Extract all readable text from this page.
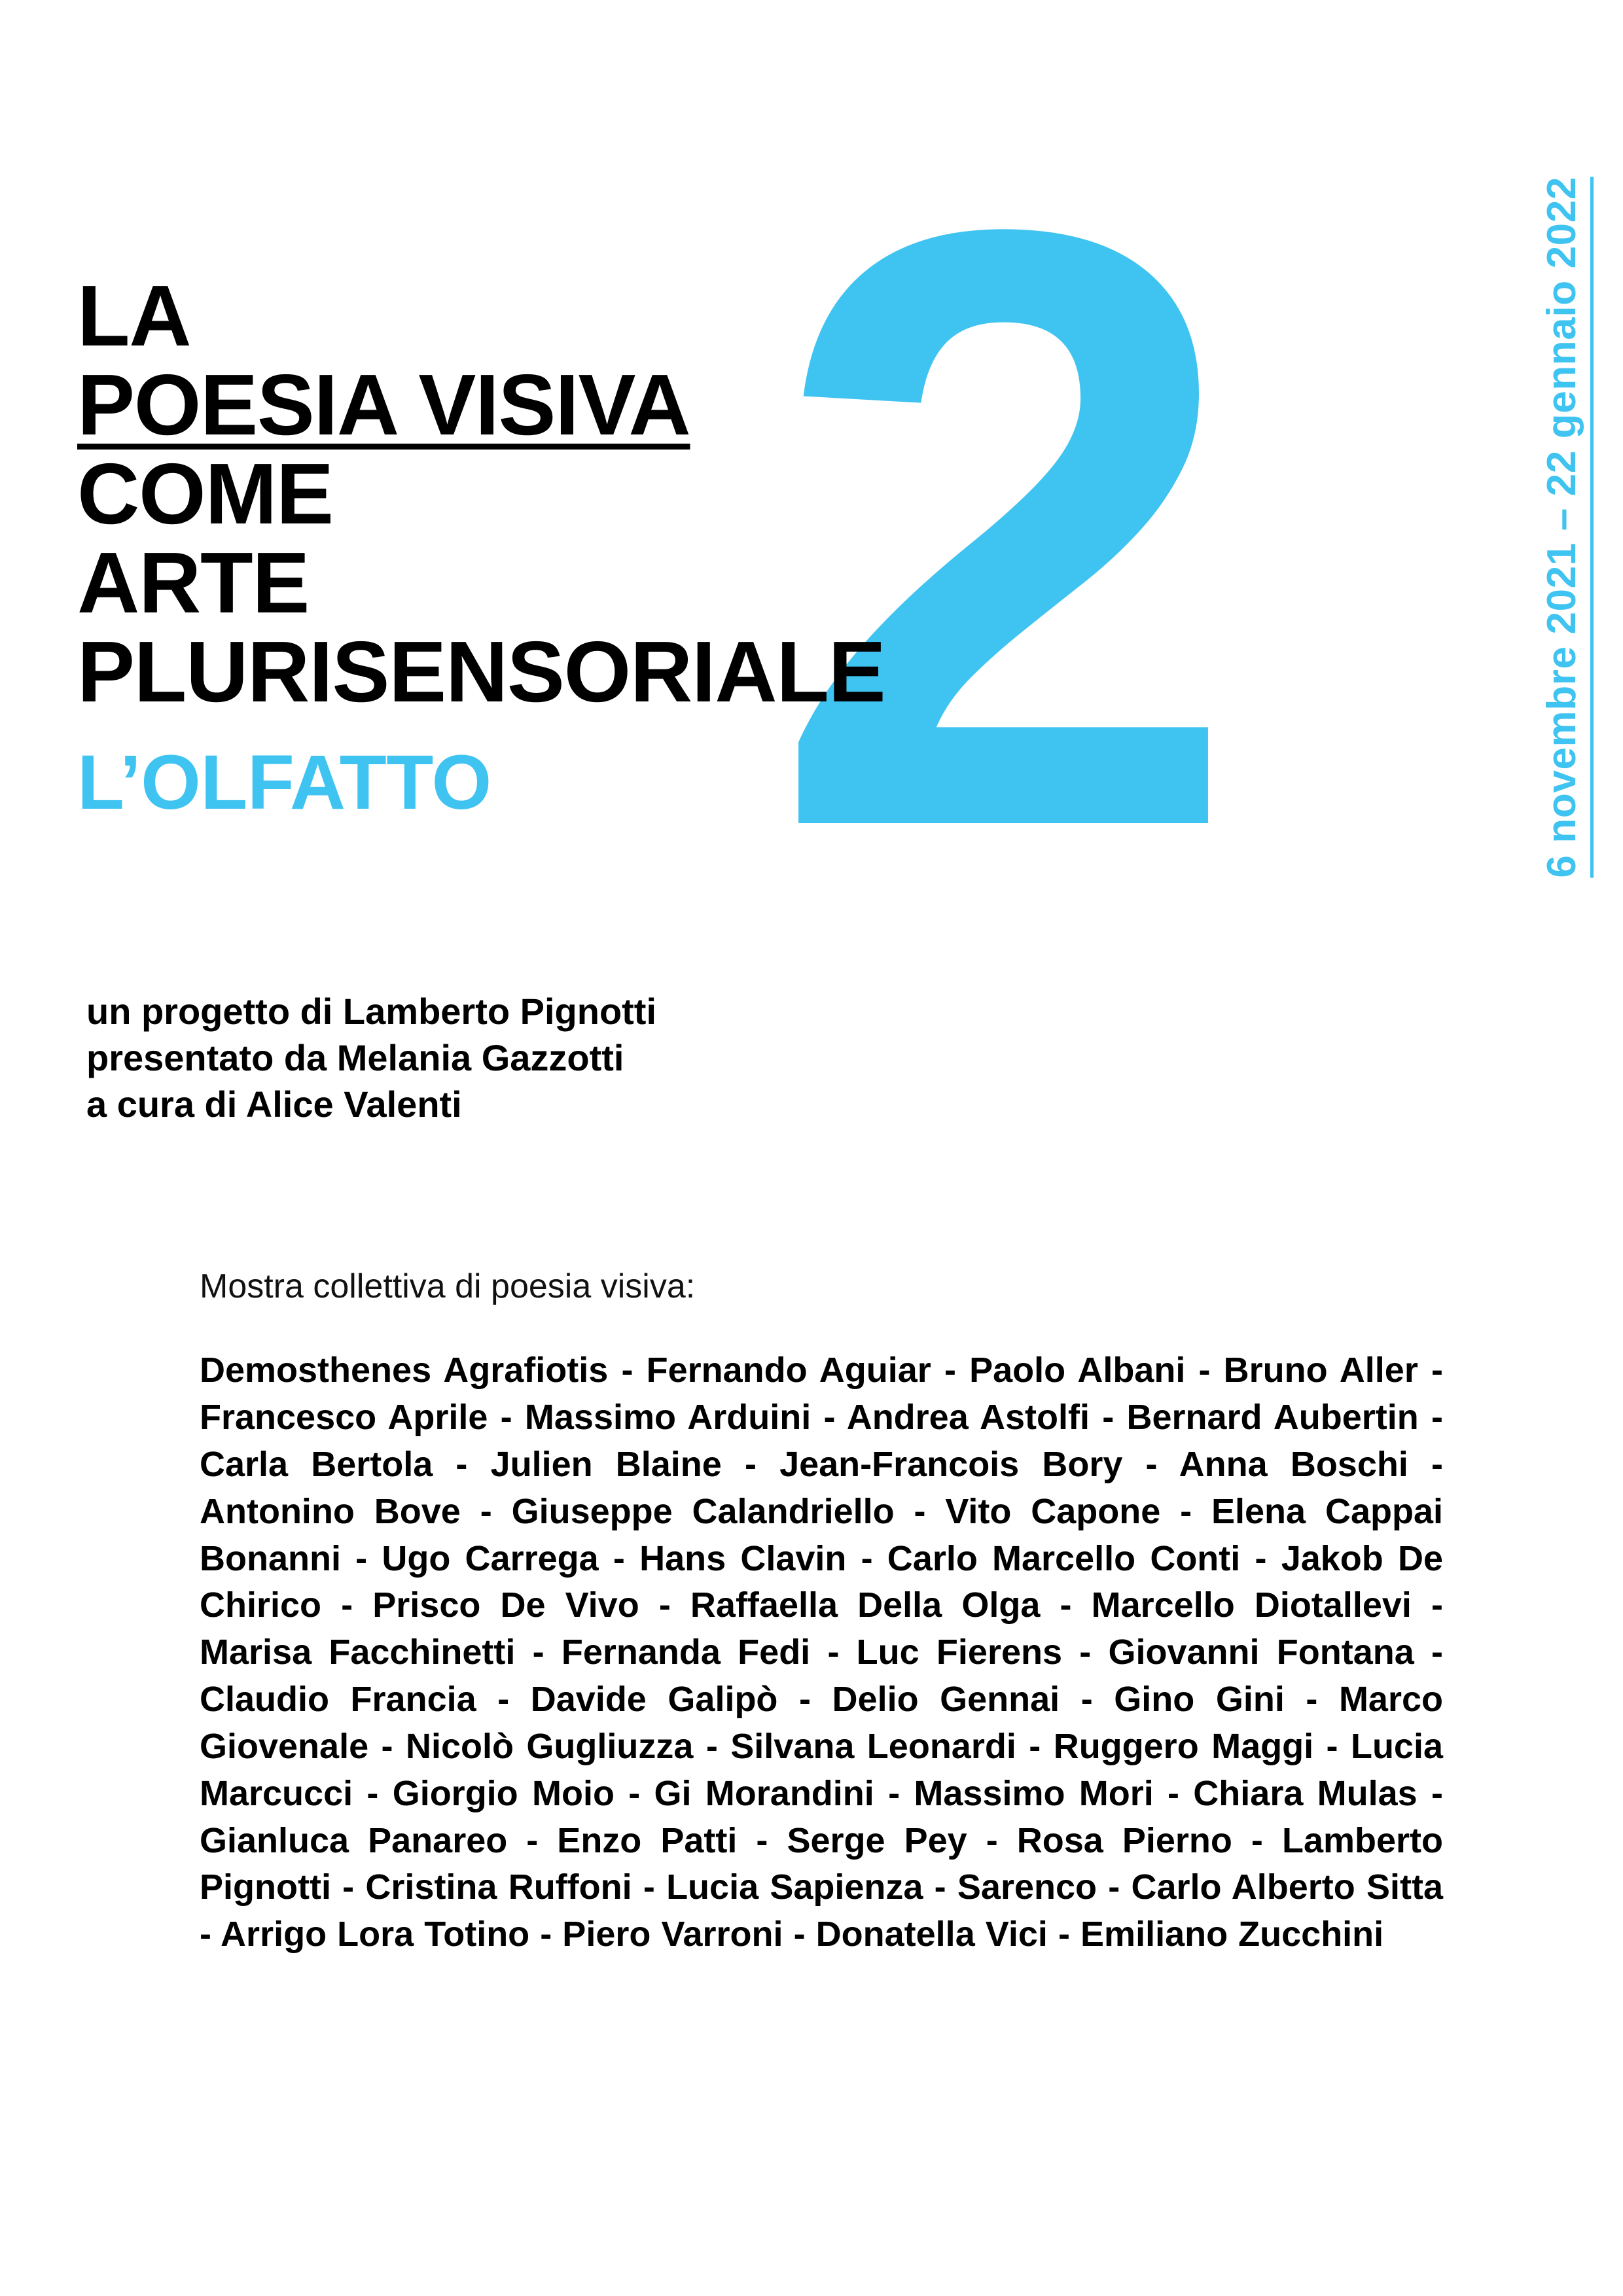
2
LA
POESIA VISIVA
COME
ARTE
PLURISENSORIALE
L’OLFATTO
un progetto di Lamberto Pignotti
presentato da Melania Gazzotti
a cura di Alice Valenti
6 novembre 2021 – 22 gennaio 2022
Mostra collettiva di poesia visiva:
Demosthenes Agrafiotis - Fernando Aguiar - Paolo Albani - Bruno Aller - Francesco Aprile - Massimo Arduini - Andrea Astolfi - Bernard Aubertin - Carla Bertola - Julien Blaine - Jean-Francois Bory - Anna Boschi - Antonino Bove - Giuseppe Calandriello - Vito Capone - Elena Cappai Bonanni - Ugo Carrega - Hans Clavin - Carlo Marcello Conti - Jakob De Chirico - Prisco De Vivo - Raffaella Della Olga - Marcello Diotallevi - Marisa Facchinetti - Fernanda Fedi - Luc Fierens - Giovanni Fontana - Claudio Francia - Davide Galipò - Delio Gennai - Gino Gini - Marco Giovenale - Nicolò Gugliuzza - Silvana Leonardi - Ruggero Maggi - Lucia Marcucci - Giorgio Moio - Gi Morandini - Massimo Mori - Chiara Mulas - Gianluca Panareo - Enzo Patti - Serge Pey - Rosa Pierno - Lamberto Pignotti - Cristina Ruffoni - Lucia Sapienza - Sarenco - Carlo Alberto Sitta - Arrigo Lora Totino - Piero Varroni - Donatella Vici - Emiliano Zucchini
